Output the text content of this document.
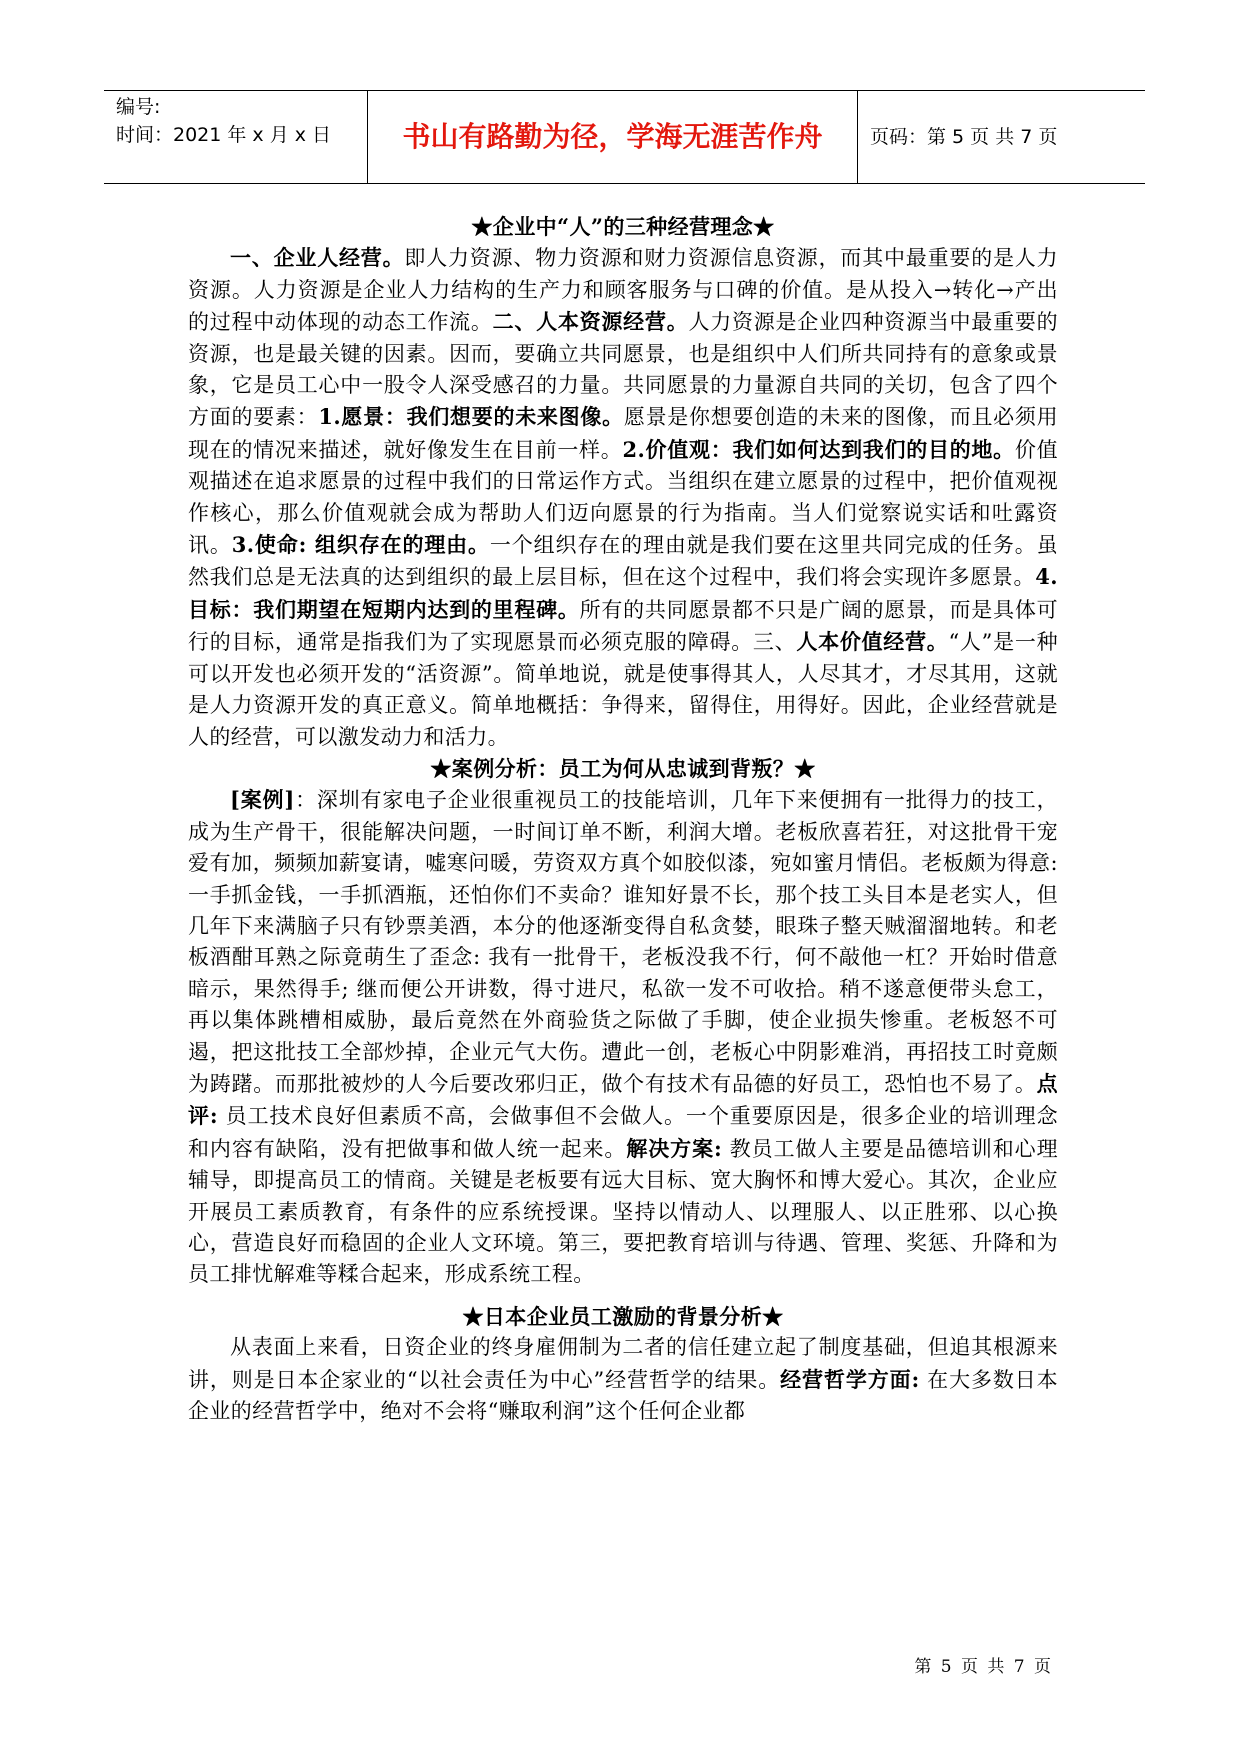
编号:
时间：2021 年 x 月 x 日	书山有路勤为径，学海无涯苦作舟	页码：第 5 页 共 7 页
★企业中“人”的三种经营理念★

一、企业人经营。即人力资源、物力资源和财力资源信息资源，而其中最重要的是人力资源。人力资源是企业人力结构的生产力和顾客服务与口碑的价值。是从投入→转化→产出的过程中动体现的动态工作流。二、人本资源经营。人力资源是企业四种资源当中最重要的资源，也是最关键的因素。因而，要确立共同愿景，也是组织中人们所共同持有的意象或景象，它是员工心中一股令人深受感召的力量。共同愿景的力量源自共同的关切，包含了四个方面的要素：1.愿景：我们想要的未来图像。愿景是你想要创造的未来的图像，而且必须用现在的情况来描述，就好像发生在目前一样。2.价值观：我们如何达到我们的目的地。价值观描述在追求愿景的过程中我们的日常运作方式。当组织在建立愿景的过程中，把价值观视作核心，那么价值观就会成为帮助人们迈向愿景的行为指南。当人们觉察说实话和吐露资讯。3.使命: 组织存在的理由。一个组织存在的理由就是我们要在这里共同完成的任务。虽然我们总是无法真的达到组织的最上层目标，但在这个过程中，我们将会实现许多愿景。4.目标：我们期望在短期内达到的里程碑。所有的共同愿景都不只是广阔的愿景，而是具体可行的目标，通常是指我们为了实现愿景而必须克服的障碍。三、人本价值经营。“人”是一种可以开发也必须开发的“活资源”。简单地说，就是使事得其人，人尽其才，才尽其用，这就是人力资源开发的真正意义。简单地概括：争得来，留得住，用得好。因此，企业经营就是人的经营，可以激发动力和活力。

★案例分析：员工为何从忠诚到背叛？★

[案例]：深圳有家电子企业很重视员工的技能培训，几年下来便拥有一批得力的技工，成为生产骨干，很能解决问题，一时间订单不断，利润大增。老板欣喜若狂，对这批骨干宠爱有加，频频加薪宴请，嘘寒问暖，劳资双方真个如胶似漆，宛如蜜月情侣。老板颇为得意: 一手抓金钱，一手抓酒瓶，还怕你们不卖命？谁知好景不长，那个技工头目本是老实人，但几年下来满脑子只有钞票美酒，本分的他逐渐变得自私贪婪，眼珠子整天贼溜溜地转。和老板酒酣耳熟之际竟萌生了歪念: 我有一批骨干，老板没我不行，何不敲他一杠？开始时借意暗示，果然得手; 继而便公开讲数，得寸进尺，私欲一发不可收拾。稍不遂意便带头怠工，再以集体跳槽相威胁，最后竟然在外商验货之际做了手脚，使企业损失惨重。老板怒不可遏，把这批技工全部炒掉，企业元气大伤。遭此一创，老板心中阴影难消，再招技工时竟颇为踌躇。而那批被炒的人今后要改邪归正，做个有技术有品德的好员工，恐怕也不易了。点评: 员工技术良好但素质不高，会做事但不会做人。一个重要原因是，很多企业的培训理念和内容有缺陷，没有把做事和做人统一起来。解决方案: 教员工做人主要是品德培训和心理辅导，即提高员工的情商。关键是老板要有远大目标、宽大胸怀和博大爱心。其次，企业应开展员工素质教育，有条件的应系统授课。坚持以情动人、以理服人、以正胜邪、以心换心，营造良好而稳固的企业人文环境。第三，要把教育培训与待遇、管理、奖惩、升降和为员工排忧解难等糅合起来，形成系统工程。

★日本企业员工激励的背景分析★

从表面上来看，日资企业的终身雇佣制为二者的信任建立起了制度基础，但追其根源来讲，则是日本企家业的“以社会责任为中心”经营哲学的结果。经营哲学方面: 在大多数日本企业的经营哲学中，绝对不会将“赚取利润”这个任何企业都

第 5 页 共 7 页
